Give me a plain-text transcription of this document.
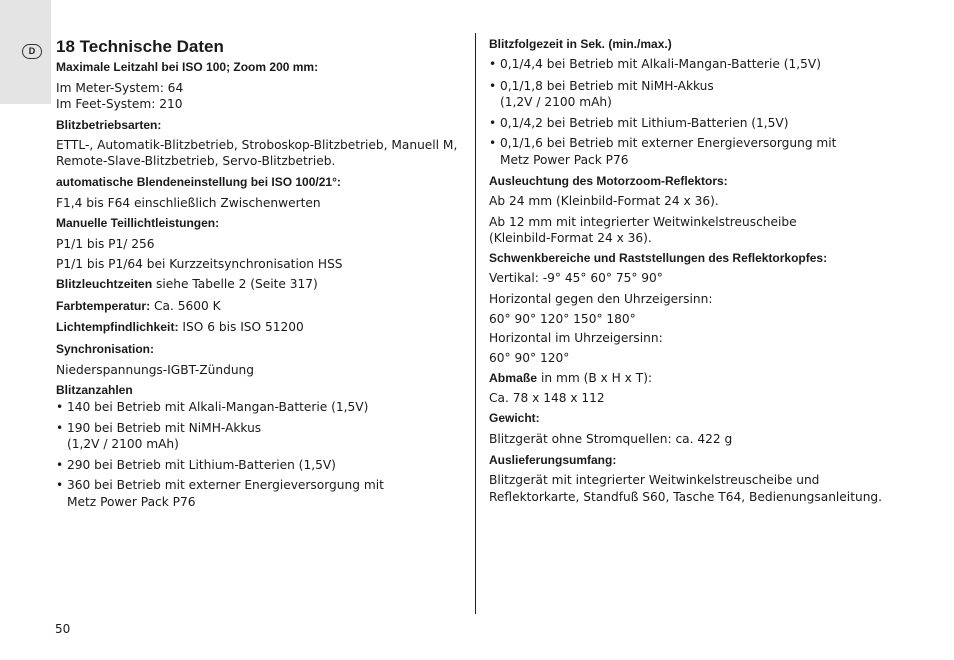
D	18 Technische Daten
Maximale Leitzahl bei ISO 100; Zoom 200 mm:
Im Meter-System: 64
Im Feet-System: 210
Blitzbetriebsarten:
ETTL-, Automatik-Blitzbetrieb, Stroboskop-Blitzbetrieb, Manuell M,
Remote-Slave-Blitzbetrieb, Servo-Blitzbetrieb.
automatische Blendeneinstellung bei ISO 100/21°:
F1,4 bis F64 einschließlich Zwischenwerten
Manuelle Teillichtleistungen:
P1/1 bis P1/ 256
P1/1 bis P1/64 bei Kurzzeitsynchronisation HSS
Blitzleuchtzeiten siehe Tabelle 2 (Seite 317)
Farbtemperatur: Ca. 5600 K
Lichtempfindlichkeit: ISO 6 bis ISO 51200
Synchronisation:
Niederspannungs-IGBT-Zündung
Blitzanzahlen
• 140 bei Betrieb mit Alkali-Mangan-Batterie (1,5V)
• 190 bei Betrieb mit NiMH-Akkus
(1,2V / 2100 mAh)
• 290 bei Betrieb mit Lithium-Batterien (1,5V)
• 360 bei Betrieb mit externer Energieversorgung mit
Metz Power Pack P76
Blitzfolgezeit in Sek. (min./max.)
• 0,1/4,4 bei Betrieb mit Alkali-Mangan-Batterie (1,5V)
• 0,1/1,8 bei Betrieb mit NiMH-Akkus
(1,2V / 2100 mAh)
• 0,1/4,2 bei Betrieb mit Lithium-Batterien (1,5V)
• 0,1/1,6 bei Betrieb mit externer Energieversorgung mit
Metz Power Pack P76
Ausleuchtung des Motorzoom-Reflektors:
Ab 24 mm (Kleinbild-Format 24 x 36).
Ab 12 mm mit integrierter Weitwinkelstreuscheibe
(Kleinbild-Format 24 x 36).
Schwenkbereiche und Raststellungen des Reflektorkopfes:
Vertikal: -9° 45° 60° 75° 90°
Horizontal gegen den Uhrzeigersinn:
60° 90° 120° 150° 180°
Horizontal im Uhrzeigersinn:
60° 90° 120°
Abmaße in mm (B x H x T):
Ca. 78 x 148 x 112
Gewicht:
Blitzgerät ohne Stromquellen: ca. 422 g
Auslieferungsumfang:
Blitzgerät mit integrierter Weitwinkelstreuscheibe und
Reflektorkarte, Standfuß S60, Tasche T64, Bedienungsanleitung.
50
